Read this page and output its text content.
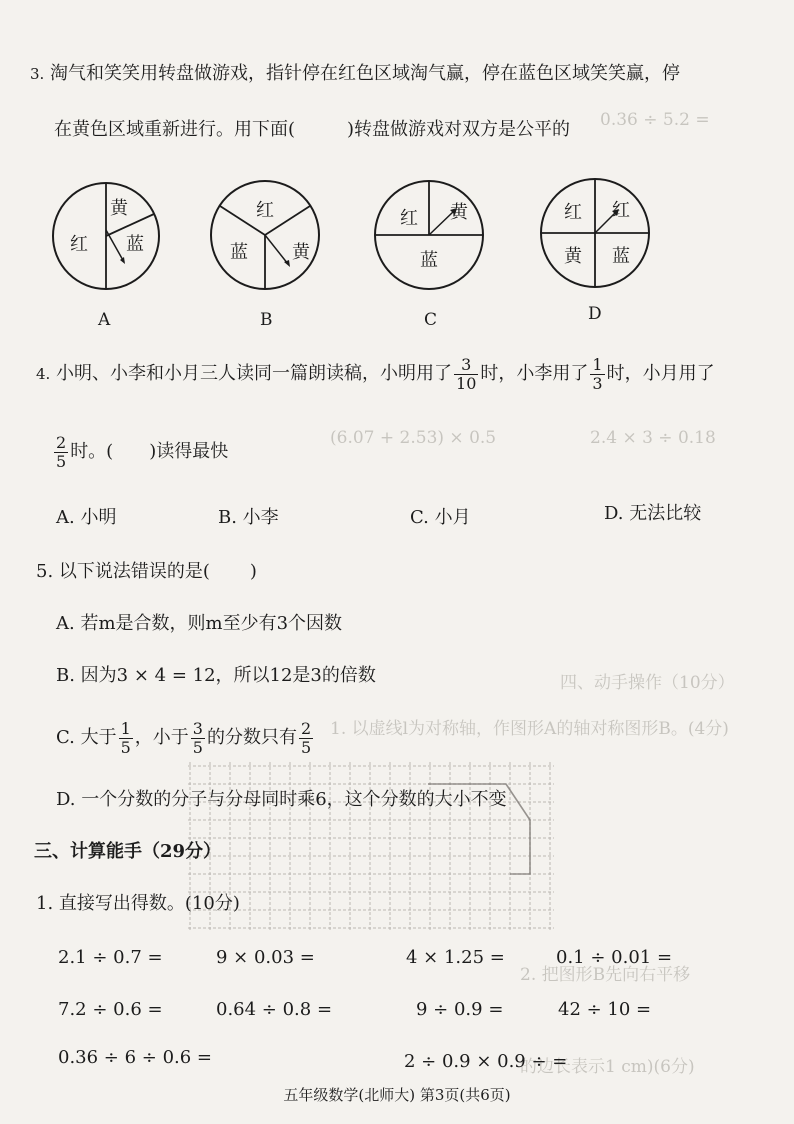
0.36 ÷ 5.2 =
2.4 × 3 ÷ 0.18
(6.07 + 2.53) × 0.5
四、动手操作（10分）
1. 以虚线l为对称轴，作图形A的轴对称图形B。(4分)
2. 把图形B先向右平移
的边长表示1 cm)(6分)
3. 淘气和笑笑用转盘做游戏，指针停在红色区域淘气赢，停在蓝色区域笑笑赢，停
在黄色区域重新进行。用下面(	)转盘做游戏对双方是公平的
黄
红	蓝
A
红
蓝	黄
B
红	黄
蓝
C
红	红
黄	蓝
D
4. 小明、小李和小月三人读同一篇朗读稿，小明用了 $\frac{3}{10}$ 时，小李用了 $\frac{1}{3}$ 时，小月用了
$\frac{2}{5}$ 时。( )读得最快
A. 小明	B. 小李	C. 小月	D. 无法比较
5. 以下说法错误的是( )
A. 若m是合数，则m至少有3个因数
B. 因为3 × 4 = 12，所以12是3的倍数
C. 大于 $\frac{1}{5}$ ，小于 $\frac{3}{5}$ 的分数只有 $\frac{2}{5}$
D. 一个分数的分子与分母同时乘6，这个分数的大小不变
三、计算能手（29分）
1. 直接写出得数。(10分)
2.1 ÷ 0.7 =	9 × 0.03 =	4 × 1.25 =	0.1 ÷ 0.01 =
7.2 ÷ 0.6 =	0.64 ÷ 0.8 =	9 ÷ 0.9 =	42 ÷ 10 =
0.36 ÷ 6 ÷ 0.6 =	2 ÷ 0.9 × 0.9 ÷ =
五年级数学(北师大) 第3页(共6页)
